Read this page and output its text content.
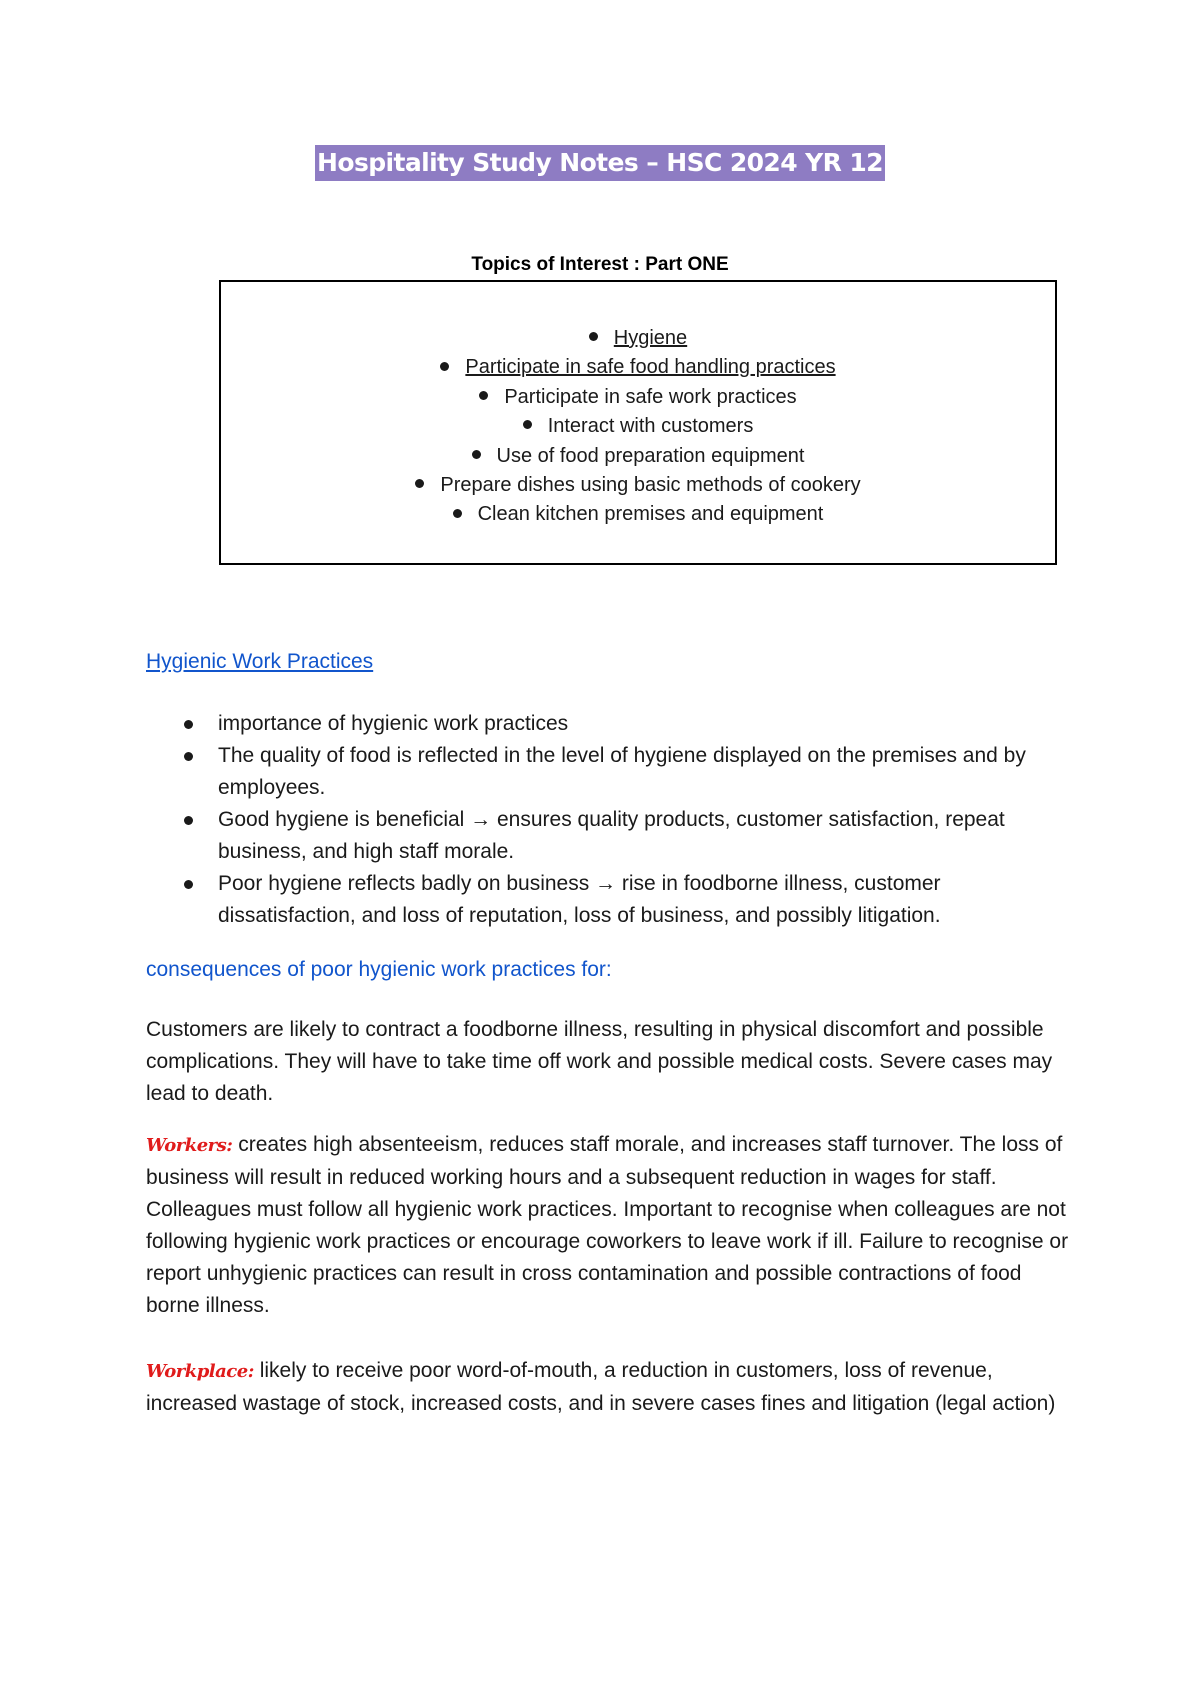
Hospitality Study Notes – HSC 2024 YR 12
Topics of Interest : Part ONE
Hygiene
Participate in safe food handling practices
Participate in safe work practices
Interact with customers
Use of food preparation equipment
Prepare dishes using basic methods of cookery
Clean kitchen premises and equipment
Hygienic Work Practices
importance of hygienic work practices
The quality of food is reflected in the level of hygiene displayed on the premises and by employees.
Good hygiene is beneficial → ensures quality products, customer satisfaction, repeat business, and high staff morale.
Poor hygiene reflects badly on business → rise in foodborne illness, customer dissatisfaction, and loss of reputation, loss of business, and possibly litigation.
consequences of poor hygienic work practices for:

Customers are likely to contract a foodborne illness, resulting in physical discomfort and possible complications. They will have to take time off work and possible medical costs. Severe cases may lead to death.

Workers: creates high absenteeism, reduces staff morale, and increases staff turnover. The loss of business will result in reduced working hours and a subsequent reduction in wages for staff. Colleagues must follow all hygienic work practices. Important to recognise when colleagues are not following hygienic work practices or encourage coworkers to leave work if ill. Failure to recognise or report unhygienic practices can result in cross contamination and possible contractions of food borne illness.

Workplace: likely to receive poor word-of-mouth, a reduction in customers, loss of revenue, increased wastage of stock, increased costs, and in severe cases fines and litigation (legal action)
